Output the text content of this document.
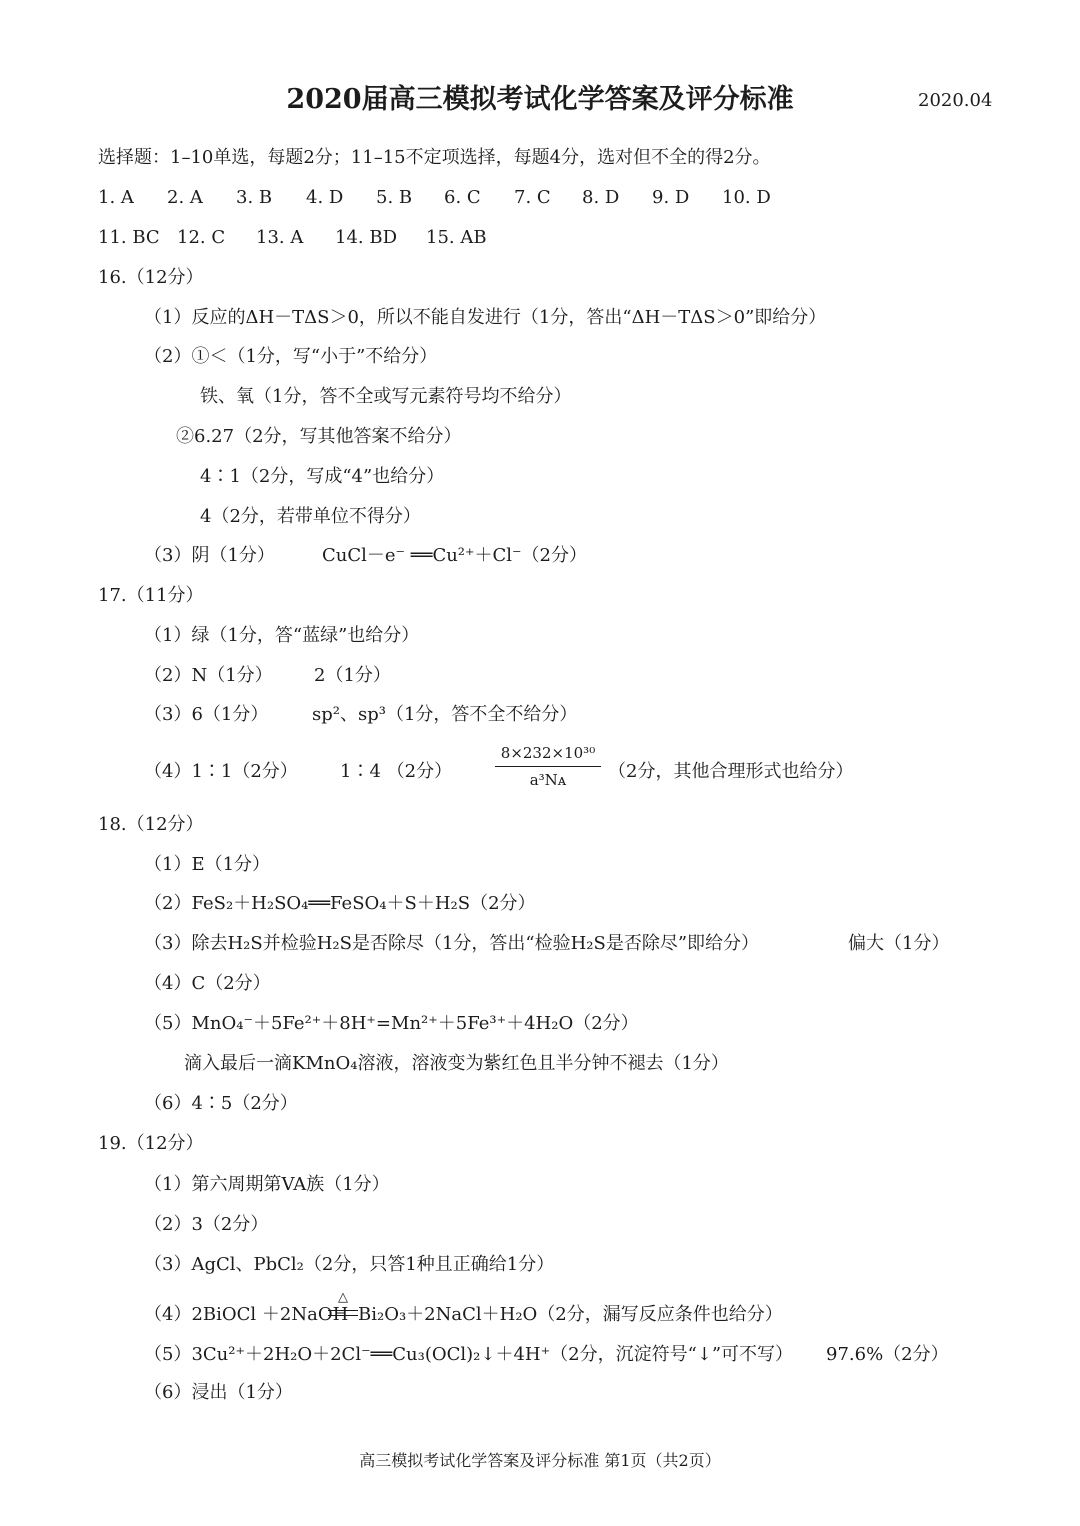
2020届高三模拟考试化学答案及评分标准	2020.04
选择题：1–10单选，每题2分；11–15不定项选择，每题4分，选对但不全的得2分。
1. A 2. A 3. B 4. D 5. B 6. C 7. C 8. D 9. D 10. D
11. BC 12. C 13. A 14. BD 15. AB
16.（12分）
（1）反应的ΔH－TΔS＞0，所以不能自发进行（1分，答出“ΔH－TΔS＞0”即给分）
（2）①＜（1分，写“小于”不给分）
铁、氧（1分，答不全或写元素符号均不给分）
②6.27（2分，写其他答案不给分）
4∶1（2分，写成“4”也给分）
4（2分，若带单位不得分）
（3）阴（1分）	CuCl－e⁻ ══Cu²⁺＋Cl⁻（2分）
17.（11分）
（1）绿（1分，答“蓝绿”也给分）
（2）N（1分） 2（1分）
（3）6（1分） sp²、sp³（1分，答不全不给分）
（4）1∶1（2分） 1∶4 （2分）	$\frac{\text{8×232×10³⁰}}{\text{a³Nᴀ}} (2$分，其他合理形式也给分）
18.（12分）
（1）E（1分）
（2）FeS₂＋H₂SO₄══FeSO₄＋S＋H₂S（2分）
（3）除去H₂S并检验H₂S是否除尽（1分，答出“检验H₂S是否除尽”即给分）	偏大（1分）
（4）C（2分）
（5）MnO₄⁻＋5Fe²⁺＋8H⁺=Mn²⁺＋5Fe³⁺＋4H₂O（2分）
滴入最后一滴KMnO₄溶液，溶液变为紫红色且半分钟不褪去（1分）
（6）4∶5（2分）
19.（12分）
（1）第六周期第VA族（1分）
（2）3（2分）
（3）AgCl、PbCl₂（2分，只答1种且正确给1分）
（4）2BiOCl ＋2NaOH
△
Bi₂O₃＋2NaCl＋H₂O（2分，漏写反应条件也给分）
（5）3Cu²⁺＋2H₂O＋2Cl⁻══Cu₃(OCl)₂↓＋4H⁺（2分，沉淀符号“↓”可不写） 97.6%（2分）
（6）浸出（1分）
高三模拟考试化学答案及评分标准 第1页（共2页）
